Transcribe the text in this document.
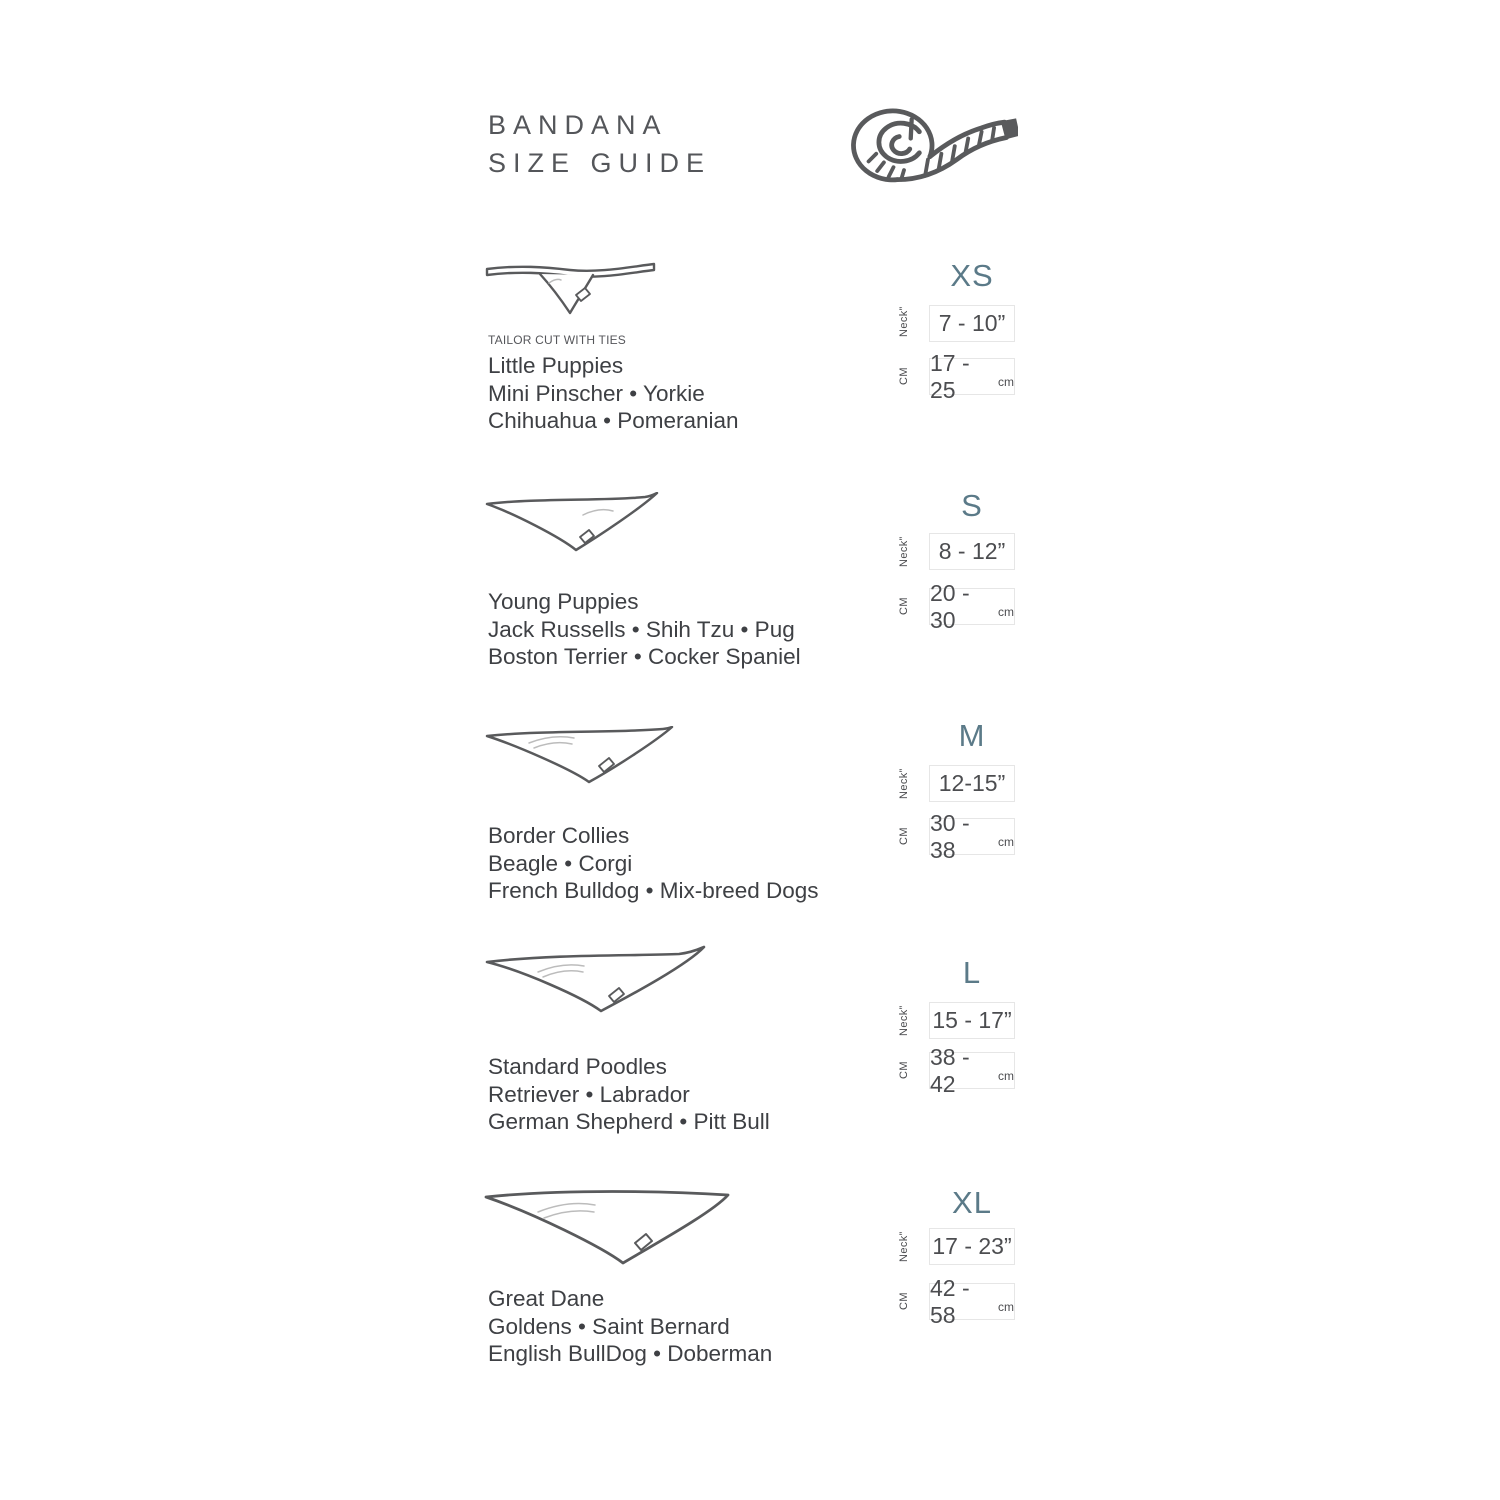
BANDANA
SIZE GUIDE
TAILOR CUT WITH TIES
Little Puppies
Mini Pinscher • Yorkie
Chihuahua • Pomeranian
XS
Neck” 7 - 10”
CM
17 - 25	cm
Young Puppies
Jack Russells • Shih Tzu • Pug
Boston Terrier • Cocker Spaniel
S
Neck” 8 - 12”
CM
20 - 30	cm
Border Collies
Beagle • Corgi
French Bulldog • Mix-breed Dogs
M
Neck” 12-15”
CM
30 - 38	cm
Standard Poodles
Retriever • Labrador
German Shepherd • Pitt Bull
L
Neck” 15 - 17”
CM
38 - 42	cm
Great Dane
Goldens • Saint Bernard
English BullDog • Doberman
XL
Neck” 17 - 23”
CM
42 - 58	cm
